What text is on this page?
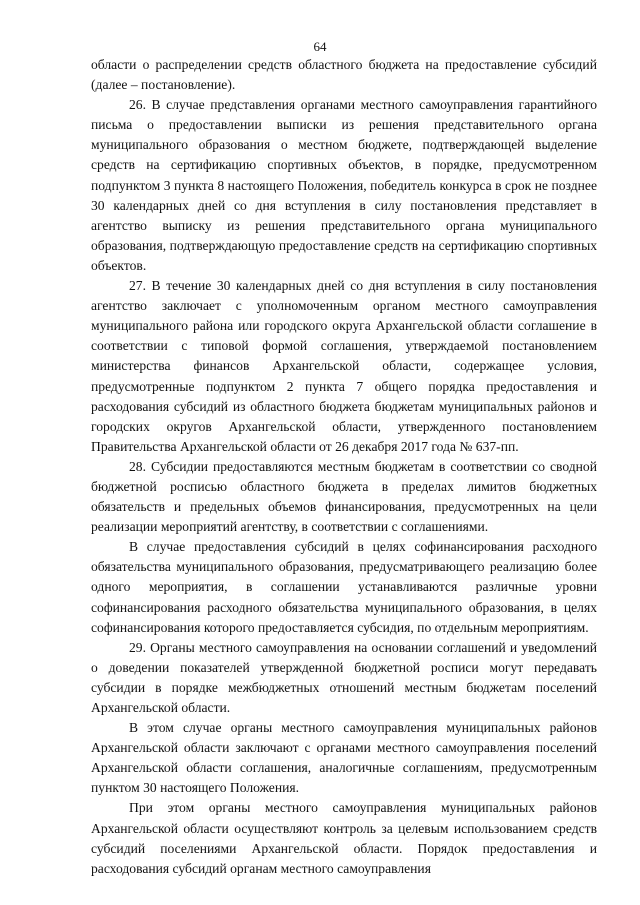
64

области о распределении средств областного бюджета на предоставление субсидий (далее – постановление).

26. В случае представления органами местного самоуправления гарантийного письма о предоставлении выписки из решения представительного органа муниципального образования о местном бюджете, подтверждающей выделение средств на сертификацию спортивных объектов, в порядке, предусмотренном подпунктом 3 пункта 8 настоящего Положения, победитель конкурса в срок не позднее 30 календарных дней со дня вступления в силу постановления представляет в агентство выписку из решения представительного органа муниципального образования, подтверждающую предоставление средств на сертификацию спортивных объектов.

27. В течение 30 календарных дней со дня вступления в силу постановления агентство заключает с уполномоченным органом местного самоуправления муниципального района или городского округа Архангельской области соглашение в соответствии с типовой формой соглашения, утверждаемой постановлением министерства финансов Архангельской области, содержащее условия, предусмотренные подпунктом 2 пункта 7 общего порядка предоставления и расходования субсидий из областного бюджета бюджетам муниципальных районов и городских округов Архангельской области, утвержденного постановлением Правительства Архангельской области от 26 декабря 2017 года № 637-пп.

28. Субсидии предоставляются местным бюджетам в соответствии со сводной бюджетной росписью областного бюджета в пределах лимитов бюджетных обязательств и предельных объемов финансирования, предусмотренных на цели реализации мероприятий агентству, в соответствии с соглашениями.

В случае предоставления субсидий в целях софинансирования расходного обязательства муниципального образования, предусматривающего реализацию более одного мероприятия, в соглашении устанавливаются различные уровни софинансирования расходного обязательства муниципального образования, в целях софинансирования которого предоставляется субсидия, по отдельным мероприятиям.

29. Органы местного самоуправления на основании соглашений и уведомлений о доведении показателей утвержденной бюджетной росписи могут передавать субсидии в порядке межбюджетных отношений местным бюджетам поселений Архангельской области.

В этом случае органы местного самоуправления муниципальных районов Архангельской области заключают с органами местного самоуправления поселений Архангельской области соглашения, аналогичные соглашениям, предусмотренным пунктом 30 настоящего Положения.

При этом органы местного самоуправления муниципальных районов Архангельской области осуществляют контроль за целевым использованием средств субсидий поселениями Архангельской области. Порядок предоставления и расходования субсидий органам местного самоуправления
